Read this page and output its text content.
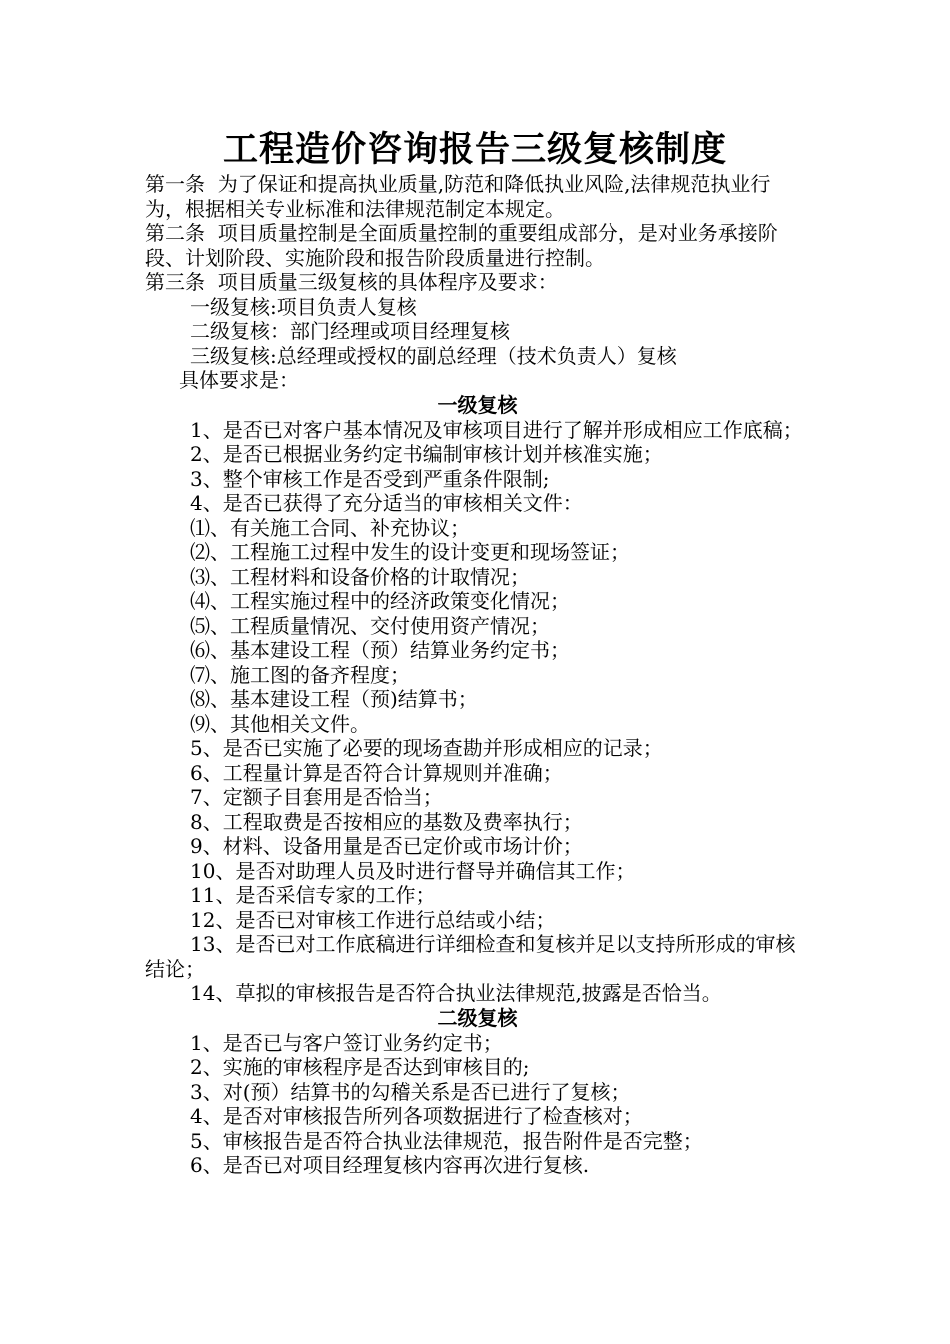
工程造价咨询报告三级复核制度

第一条  为了保证和提高执业质量,防范和降低执业风险,法律规范执业行为，根据相关专业标准和法律规范制定本规定。

第二条  项目质量控制是全面质量控制的重要组成部分，是对业务承接阶段、计划阶段、实施阶段和报告阶段质量进行控制。

第三条  项目质量三级复核的具体程序及要求：

一级复核:项目负责人复核

二级复核：部门经理或项目经理复核

三级复核:总经理或授权的副总经理（技术负责人）复核

具体要求是：

一级复核

1、是否已对客户基本情况及审核项目进行了解并形成相应工作底稿；

2、是否已根据业务约定书编制审核计划并核准实施；

3、整个审核工作是否受到严重条件限制;

4、是否已获得了充分适当的审核相关文件：

⑴、有关施工合同、补充协议；

⑵、工程施工过程中发生的设计变更和现场签证；

⑶、工程材料和设备价格的计取情况；

⑷、工程实施过程中的经济政策变化情况；

⑸、工程质量情况、交付使用资产情况；

⑹、基本建设工程（预）结算业务约定书；

⑺、施工图的备齐程度；

⑻、基本建设工程（预)结算书；

⑼、其他相关文件。

5、是否已实施了必要的现场查勘并形成相应的记录；

6、工程量计算是否符合计算规则并准确；

7、定额子目套用是否恰当；

8、工程取费是否按相应的基数及费率执行；

9、材料、设备用量是否已定价或市场计价；

10、是否对助理人员及时进行督导并确信其工作；

11、是否采信专家的工作；

12、是否已对审核工作进行总结或小结；

13、是否已对工作底稿进行详细检查和复核并足以支持所形成的审核结论；

14、草拟的审核报告是否符合执业法律规范,披露是否恰当。

二级复核

1、是否已与客户签订业务约定书；

2、实施的审核程序是否达到审核目的;

3、对(预）结算书的勾稽关系是否已进行了复核；

4、是否对审核报告所列各项数据进行了检查核对；

5、审核报告是否符合执业法律规范，报告附件是否完整；

6、是否已对项目经理复核内容再次进行复核.
